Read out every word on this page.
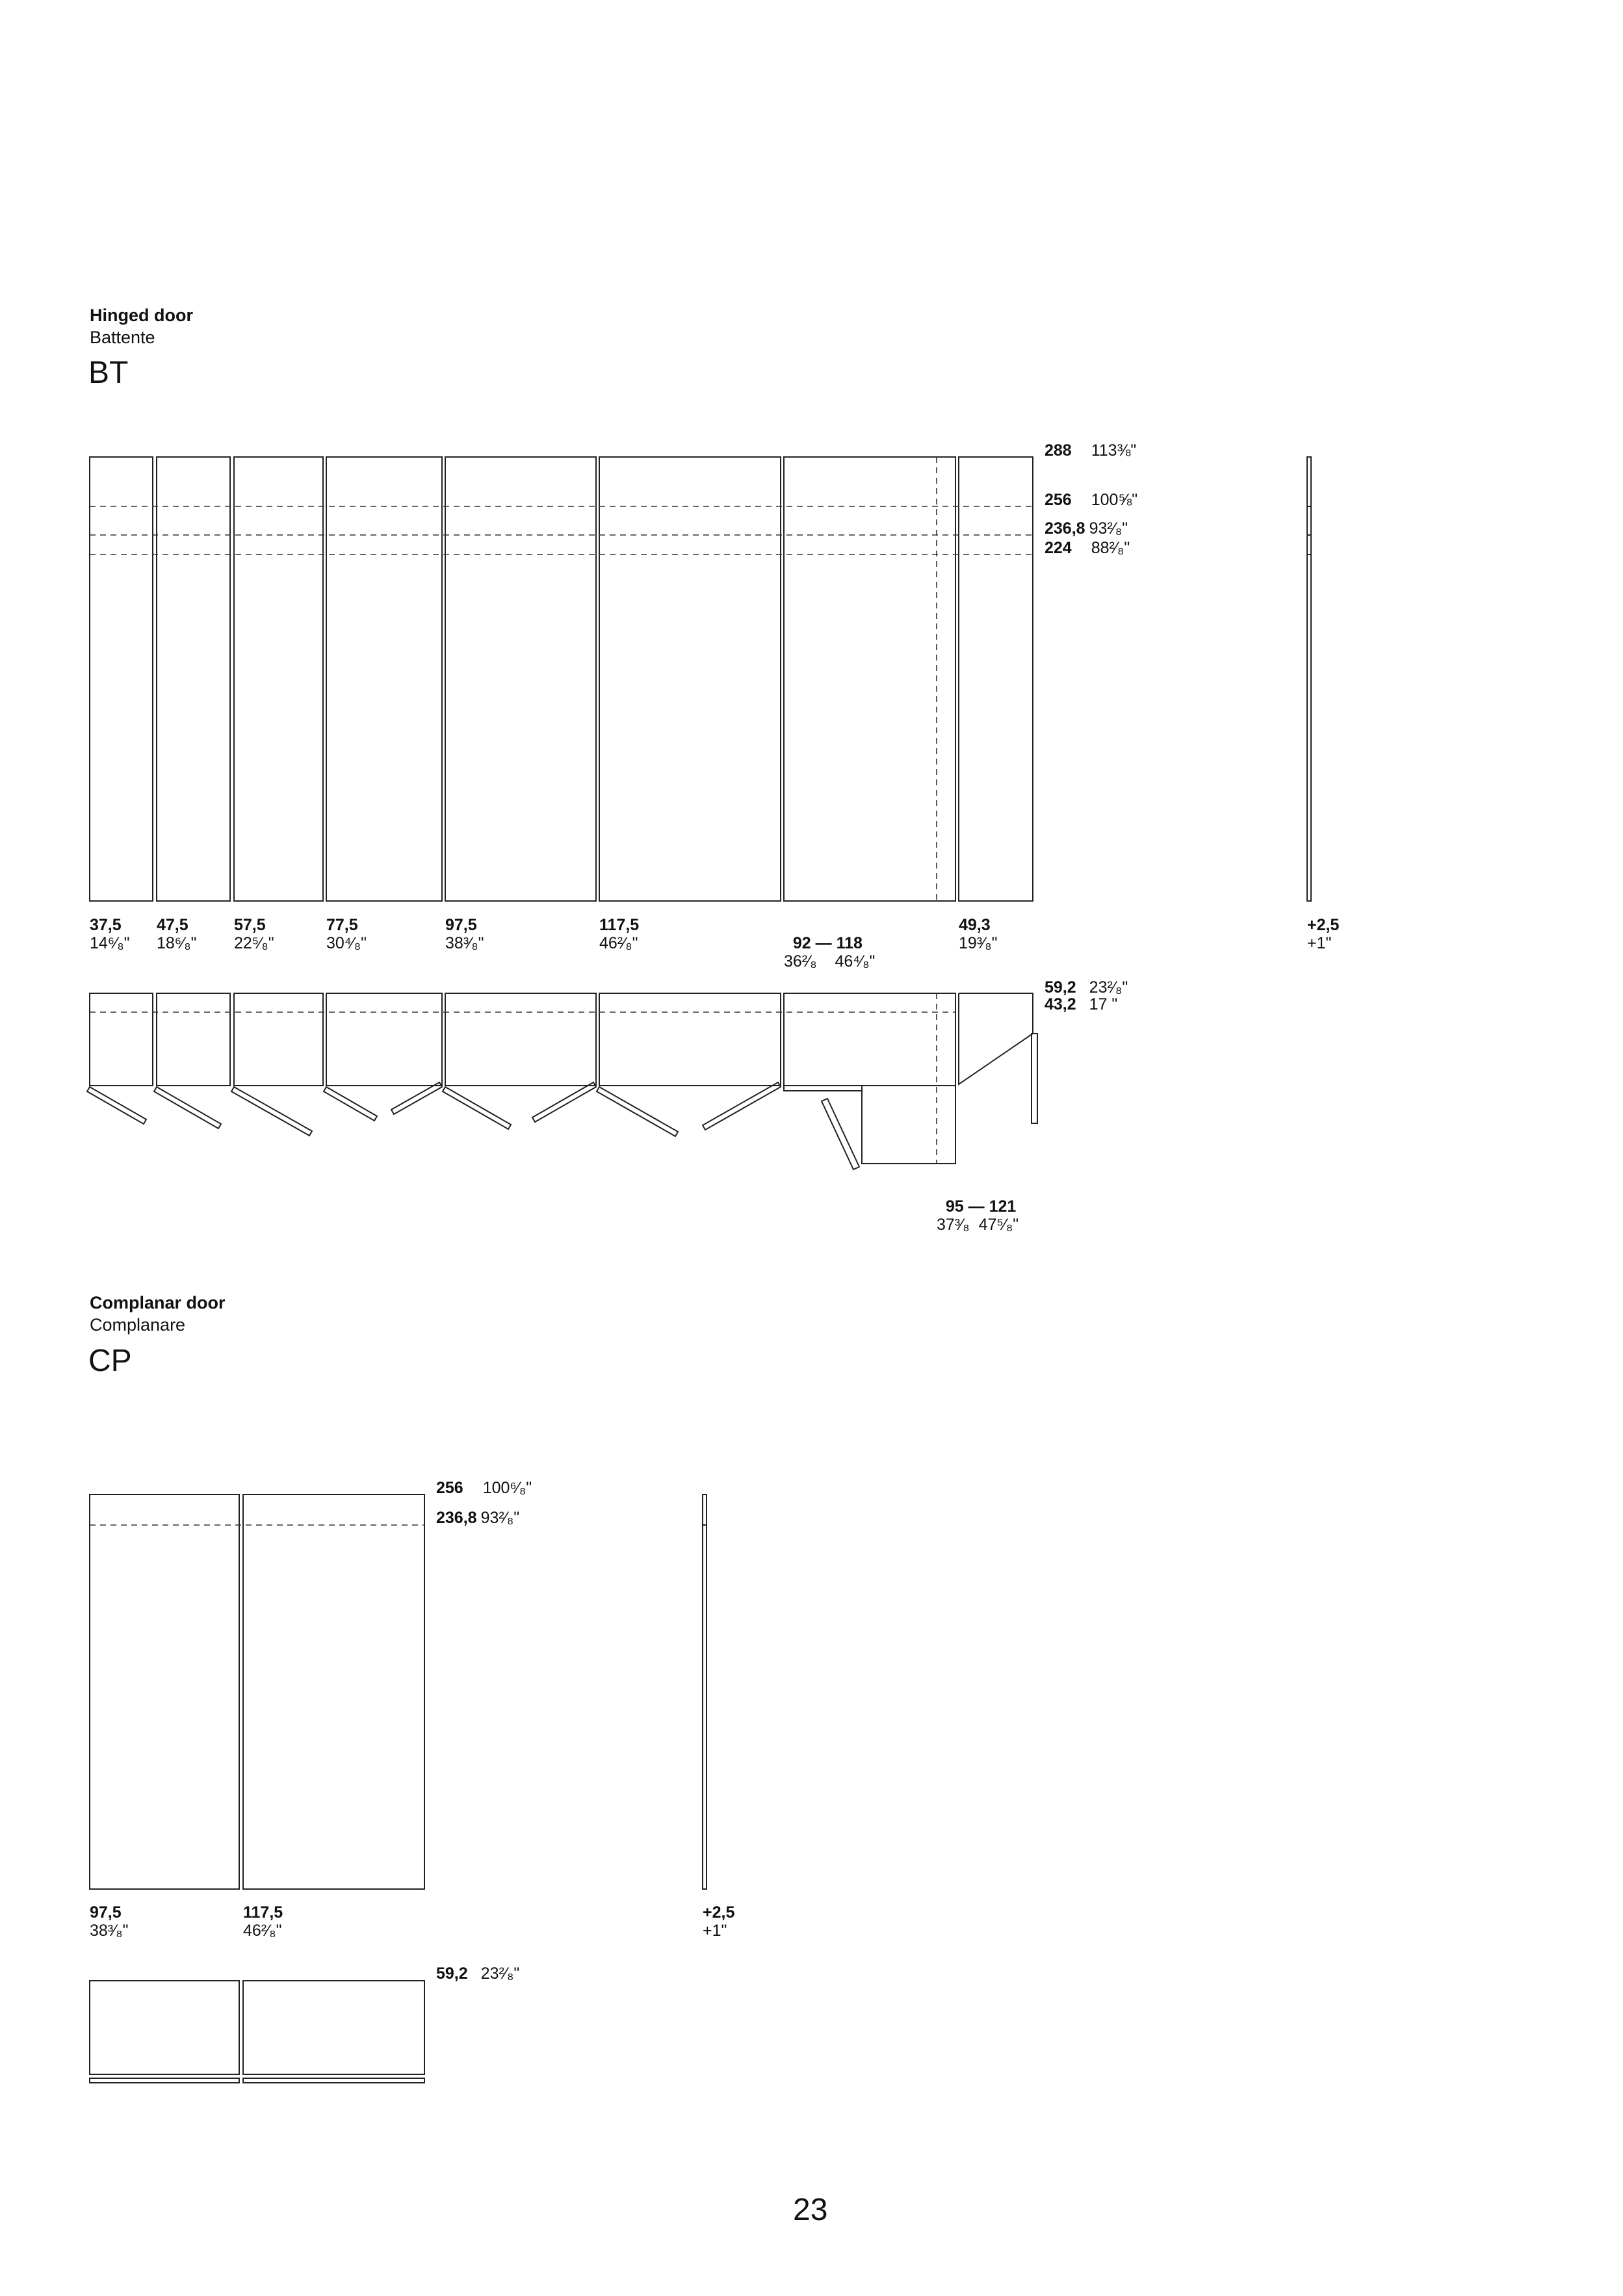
Hinged door
Battente
BT
288 113⅜"
256 100⅝"
236,8 93²⁄₈"
224 88²⁄₈"
37,5
14⁶⁄₈"
47,5
18⁶⁄₈"
57,5
22⁵⁄₈"
77,5
30⁴⁄₈"
97,5
38³⁄₈"
117,5
46²⁄₈"	92 — 118
36²⁄₈    46⁴⁄₈"

49,3
19³⁄₈"
+2,5
+1"
59,2 23²⁄₈"
43,2 17 "

95 — 121
37³⁄₈  47⁵⁄₈"

Complanar door
Complanare
CP
256 100⁶⁄₈"
236,8 93²⁄₈"
97,5
38³⁄₈"
117,5
46²⁄₈"
+2,5
+1"
59,2 23²⁄₈"
23
